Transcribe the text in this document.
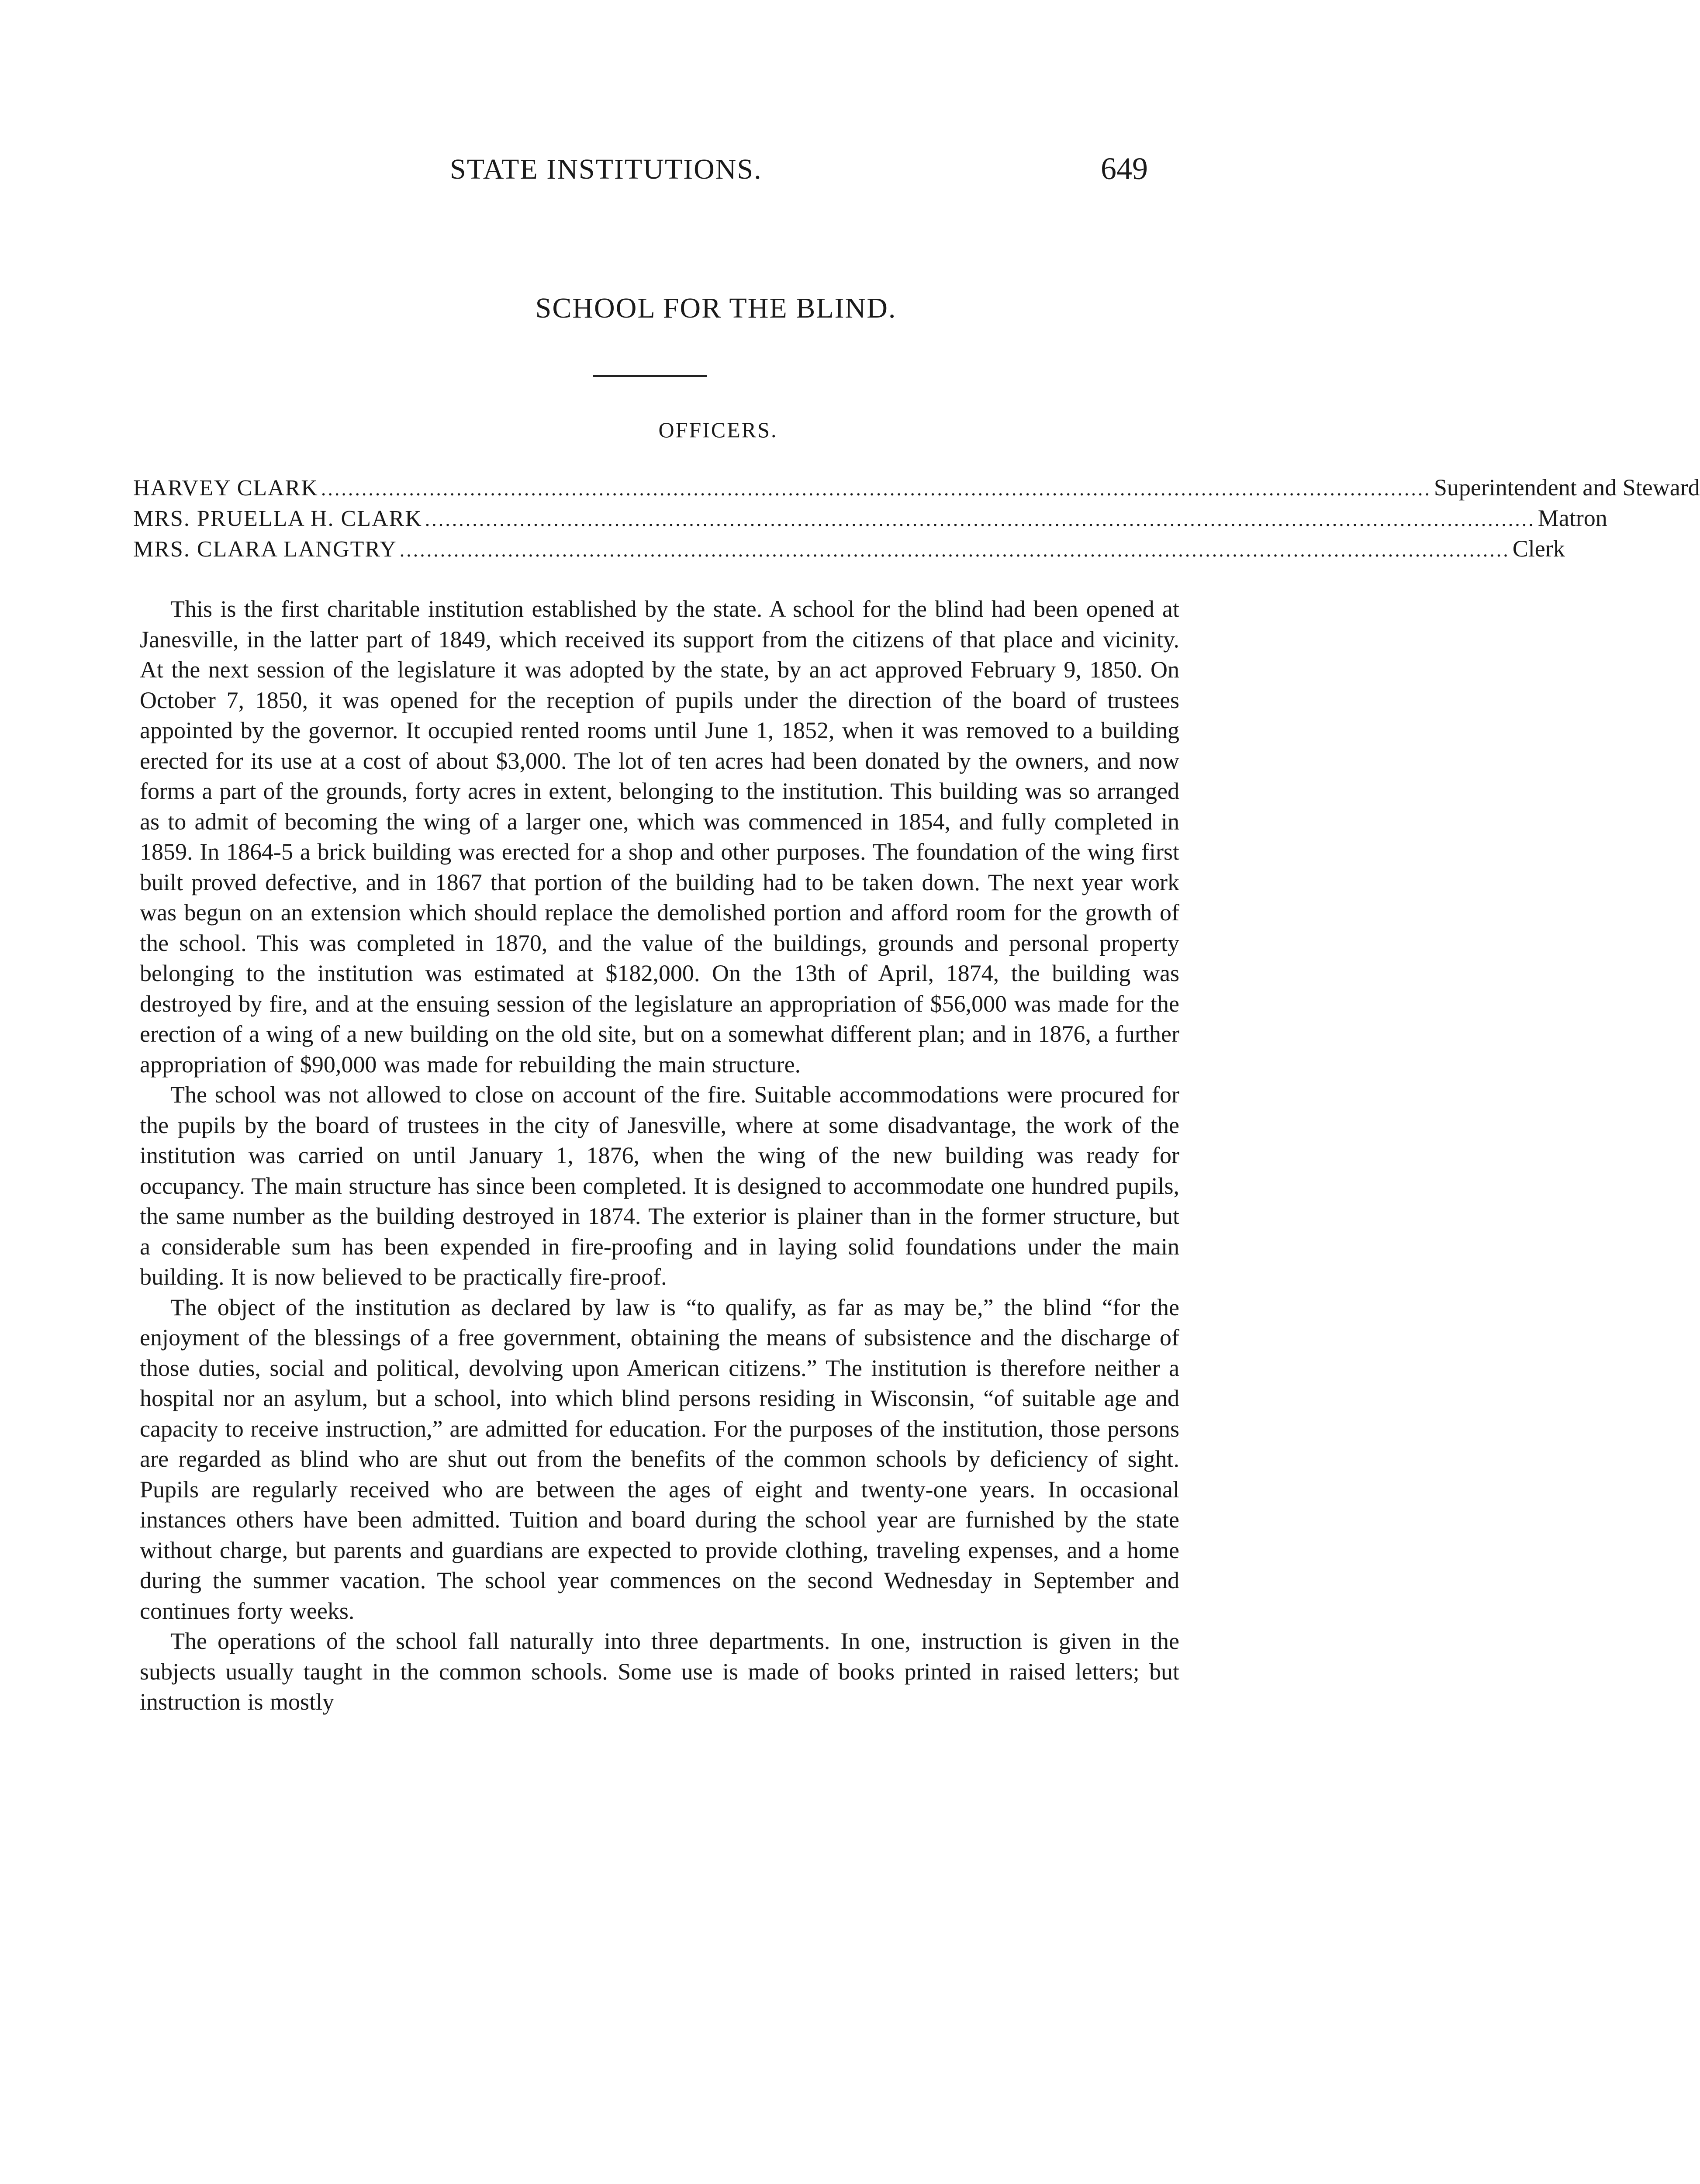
STATE INSTITUTIONS.	649
SCHOOL FOR THE BLIND.
OFFICERS.
HARVEY CLARK .................................................................................................................................................................... Superintendent and Steward
MRS. PRUELLA H. CLARK .................................................................................................................................................................... Matron
MRS. CLARA LANGTRY .................................................................................................................................................................... Clerk

This is the first charitable institution established by the state. A school for the blind had been opened at Janesville, in the latter part of 1849, which received its support from the citizens of that place and vicinity. At the next session of the legislature it was adopted by the state, by an act approved February 9, 1850. On October 7, 1850, it was opened for the reception of pupils under the direction of the board of trustees appointed by the governor. It occupied rented rooms until June 1, 1852, when it was removed to a building erected for its use at a cost of about $3,000. The lot of ten acres had been donated by the owners, and now forms a part of the grounds, forty acres in extent, belonging to the institution. This building was so arranged as to admit of becoming the wing of a larger one, which was commenced in 1854, and fully completed in 1859. In 1864-5 a brick building was erected for a shop and other purposes. The foundation of the wing first built proved defective, and in 1867 that portion of the building had to be taken down. The next year work was begun on an extension which should replace the demolished portion and afford room for the growth of the school. This was completed in 1870, and the value of the buildings, grounds and personal property belonging to the institution was estimated at $182,000. On the 13th of April, 1874, the building was destroyed by fire, and at the ensuing session of the legislature an appropriation of $56,000 was made for the erection of a wing of a new building on the old site, but on a somewhat different plan; and in 1876, a further appropriation of $90,000 was made for rebuilding the main structure.

The school was not allowed to close on account of the fire. Suitable accommodations were procured for the pupils by the board of trustees in the city of Janesville, where at some disadvantage, the work of the institution was carried on until January 1, 1876, when the wing of the new building was ready for occupancy. The main structure has since been completed. It is designed to accommodate one hundred pupils, the same number as the building destroyed in 1874. The exterior is plainer than in the former structure, but a considerable sum has been expended in fire-proofing and in laying solid foundations under the main building. It is now believed to be practically fire-proof.

The object of the institution as declared by law is “to qualify, as far as may be,” the blind “for the enjoyment of the blessings of a free government, obtaining the means of subsistence and the discharge of those duties, social and political, devolving upon American citizens.” The institution is therefore neither a hospital nor an asylum, but a school, into which blind persons residing in Wisconsin, “of suitable age and capacity to receive instruction,” are admitted for education. For the purposes of the institution, those persons are regarded as blind who are shut out from the benefits of the common schools by deficiency of sight. Pupils are regularly received who are between the ages of eight and twenty-one years. In occasional instances others have been admitted. Tuition and board during the school year are furnished by the state without charge, but parents and guardians are expected to provide clothing, traveling expenses, and a home during the summer vacation. The school year commences on the second Wednesday in September and continues forty weeks.

The operations of the school fall naturally into three departments. In one, instruction is given in the subjects usually taught in the common schools. Some use is made of books printed in raised letters; but instruction is mostly
